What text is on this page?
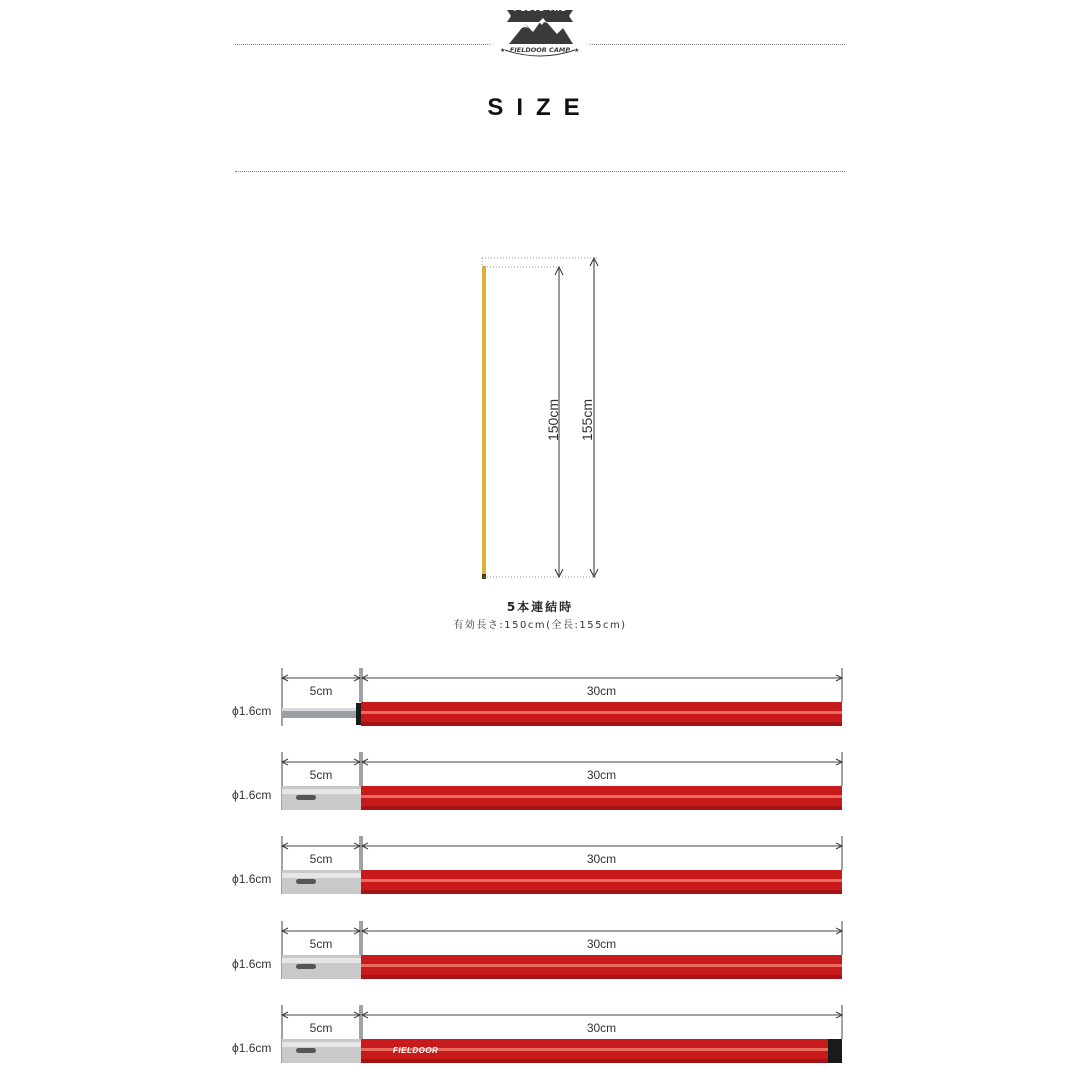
★	★
I LOVE THE
FIELDOOR CAMP
SIZE
150cm 155cm
5本連結時
有効長さ:150cm(全長:155cm)
5cm	30cm
ϕ1.6cm
5cm	30cm
ϕ1.6cm
5cm	30cm
ϕ1.6cm
5cm	30cm
ϕ1.6cm
5cm	30cm
ϕ1.6cm	FIELDOOR
